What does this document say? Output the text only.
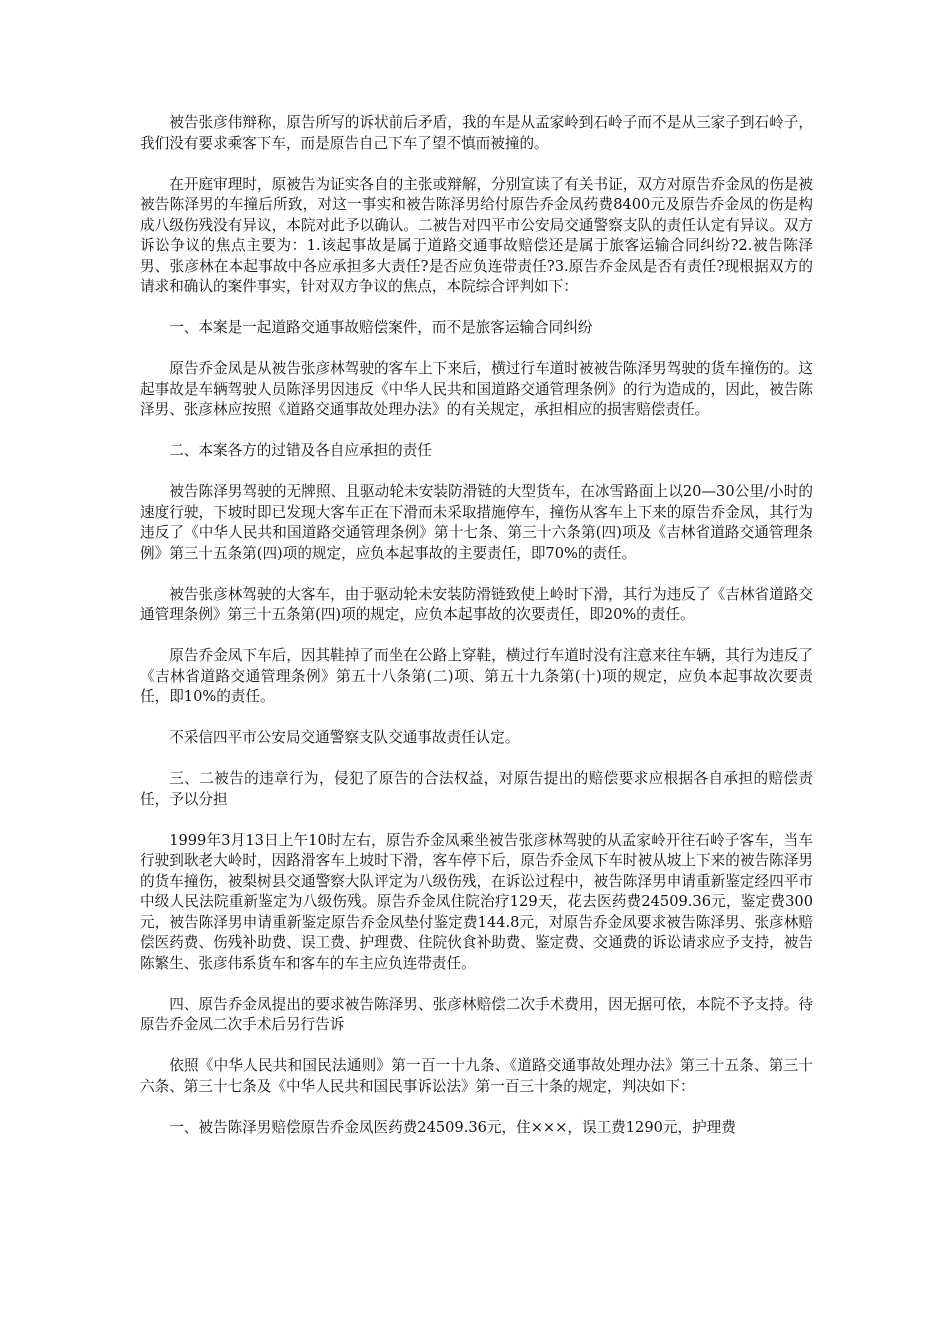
被告张彦伟辩称，原告所写的诉状前后矛盾，我的车是从孟家岭到石岭子而不是从三家子到石岭子，我们没有要求乘客下车，而是原告自己下车了望不慎而被撞的。

在开庭审理时，原被告为证实各自的主张或辩解，分别宣读了有关书证，双方对原告乔金凤的伤是被被告陈泽男的车撞后所致，对这一事实和被告陈泽男给付原告乔金凤药费8400元及原告乔金凤的伤是构成八级伤残没有异议，本院对此予以确认。二被告对四平市公安局交通警察支队的责任认定有异议。双方诉讼争议的焦点主要为：1.该起事故是属于道路交通事故赔偿还是属于旅客运输合同纠纷?2.被告陈泽男、张彦林在本起事故中各应承担多大责任?是否应负连带责任?3.原告乔金凤是否有责任?现根据双方的请求和确认的案件事实，针对双方争议的焦点，本院综合评判如下：

一、本案是一起道路交通事故赔偿案件，而不是旅客运输合同纠纷

原告乔金凤是从被告张彦林驾驶的客车上下来后，横过行车道时被被告陈泽男驾驶的货车撞伤的。这起事故是车辆驾驶人员陈泽男因违反《中华人民共和国道路交通管理条例》的行为造成的，因此，被告陈泽男、张彦林应按照《道路交通事故处理办法》的有关规定，承担相应的损害赔偿责任。

二、本案各方的过错及各自应承担的责任

被告陈泽男驾驶的无牌照、且驱动轮未安装防滑链的大型货车，在冰雪路面上以20—30公里/小时的速度行驶，下坡时即已发现大客车正在下滑而未采取措施停车，撞伤从客车上下来的原告乔金凤，其行为违反了《中华人民共和国道路交通管理条例》第十七条、第三十六条第(四)项及《吉林省道路交通管理条例》第三十五条第(四)项的规定，应负本起事故的主要责任，即70%的责任。

被告张彦林驾驶的大客车，由于驱动轮未安装防滑链致使上岭时下滑，其行为违反了《吉林省道路交通管理条例》第三十五条第(四)项的规定，应负本起事故的次要责任，即20%的责任。

原告乔金凤下车后，因其鞋掉了而坐在公路上穿鞋，横过行车道时没有注意来往车辆，其行为违反了《吉林省道路交通管理条例》第五十八条第(二)项、第五十九条第(十)项的规定，应负本起事故次要责任，即10%的责任。

不采信四平市公安局交通警察支队交通事故责任认定。

三、二被告的违章行为，侵犯了原告的合法权益，对原告提出的赔偿要求应根据各自承担的赔偿责任，予以分担

1999年3月13日上午10时左右，原告乔金凤乘坐被告张彦林驾驶的从孟家岭开往石岭子客车，当车行驶到耿老大岭时，因路滑客车上坡时下滑，客车停下后，原告乔金凤下车时被从坡上下来的被告陈泽男的货车撞伤，被梨树县交通警察大队评定为八级伤残，在诉讼过程中，被告陈泽男申请重新鉴定经四平市中级人民法院重新鉴定为八级伤残。原告乔金凤住院治疗129天，花去医药费24509.36元，鉴定费300元，被告陈泽男申请重新鉴定原告乔金凤垫付鉴定费144.8元，对原告乔金凤要求被告陈泽男、张彦林赔偿医药费、伤残补助费、误工费、护理费、住院伙食补助费、鉴定费、交通费的诉讼请求应予支持，被告陈繁生、张彦伟系货车和客车的车主应负连带责任。

四、原告乔金凤提出的要求被告陈泽男、张彦林赔偿二次手术费用，因无据可依，本院不予支持。待原告乔金凤二次手术后另行告诉

依照《中华人民共和国民法通则》第一百一十九条、《道路交通事故处理办法》第三十五条、第三十六条、第三十七条及《中华人民共和国民事诉讼法》第一百三十条的规定，判决如下：

一、被告陈泽男赔偿原告乔金凤医药费24509.36元，住×××，误工费1290元，护理费
